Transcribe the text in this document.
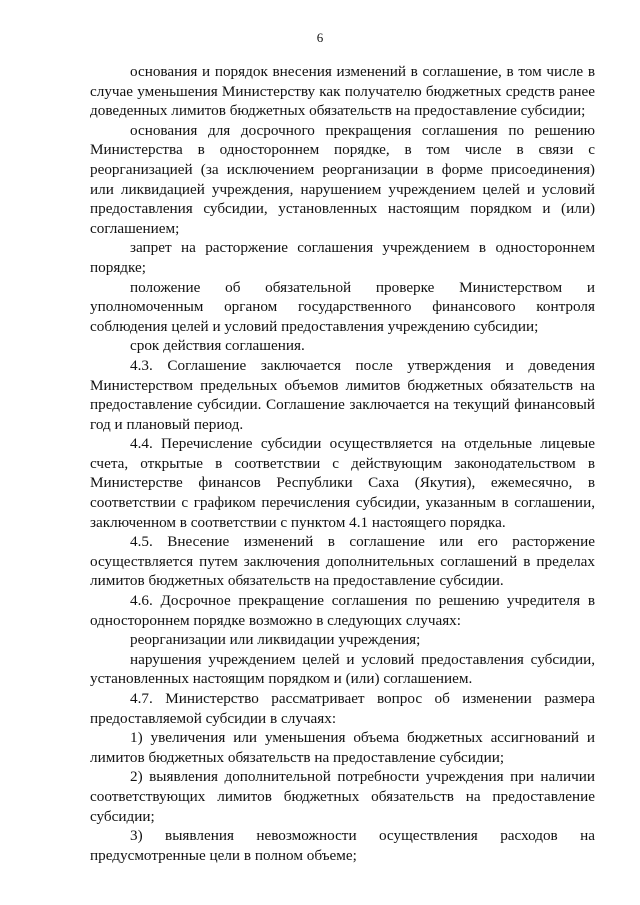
6

основания и порядок внесения изменений в соглашение, в том числе в случае уменьшения Министерству как получателю бюджетных средств ранее доведенных лимитов бюджетных обязательств на предоставление субсидии;

основания для досрочного прекращения соглашения по решению Министерства в одностороннем порядке, в том числе в связи с реорганизацией (за исключением реорганизации в форме присоединения) или ликвидацией учреждения, нарушением учреждением целей и условий предоставления субсидии, установленных настоящим порядком и (или) соглашением;

запрет на расторжение соглашения учреждением в одностороннем порядке;

положение об обязательной проверке Министерством и уполномоченным органом государственного финансового контроля соблюдения целей и условий предоставления учреждению субсидии;

срок действия соглашения.

4.3. Соглашение заключается после утверждения и доведения Министерством предельных объемов лимитов бюджетных обязательств на предоставление субсидии. Соглашение заключается на текущий финансовый год и плановый период.

4.4. Перечисление субсидии осуществляется на отдельные лицевые счета, открытые в соответствии с действующим законодательством в Министерстве финансов Республики Саха (Якутия), ежемесячно, в соответствии с графиком перечисления субсидии, указанным в соглашении, заключенном в соответствии с пунктом 4.1 настоящего порядка.

4.5. Внесение изменений в соглашение или его расторжение осуществляется путем заключения дополнительных соглашений в пределах лимитов бюджетных обязательств на предоставление субсидии.

4.6. Досрочное прекращение соглашения по решению учредителя в одностороннем порядке возможно в следующих случаях:

реорганизации или ликвидации учреждения;

нарушения учреждением целей и условий предоставления субсидии, установленных настоящим порядком и (или) соглашением.

4.7. Министерство рассматривает вопрос об изменении размера предоставляемой субсидии в случаях:

1) увеличения или уменьшения объема бюджетных ассигнований и лимитов бюджетных обязательств на предоставление субсидии;

2) выявления дополнительной потребности учреждения при наличии соответствующих лимитов бюджетных обязательств на предоставление субсидии;

3) выявления невозможности осуществления расходов на предусмотренные цели в полном объеме;
